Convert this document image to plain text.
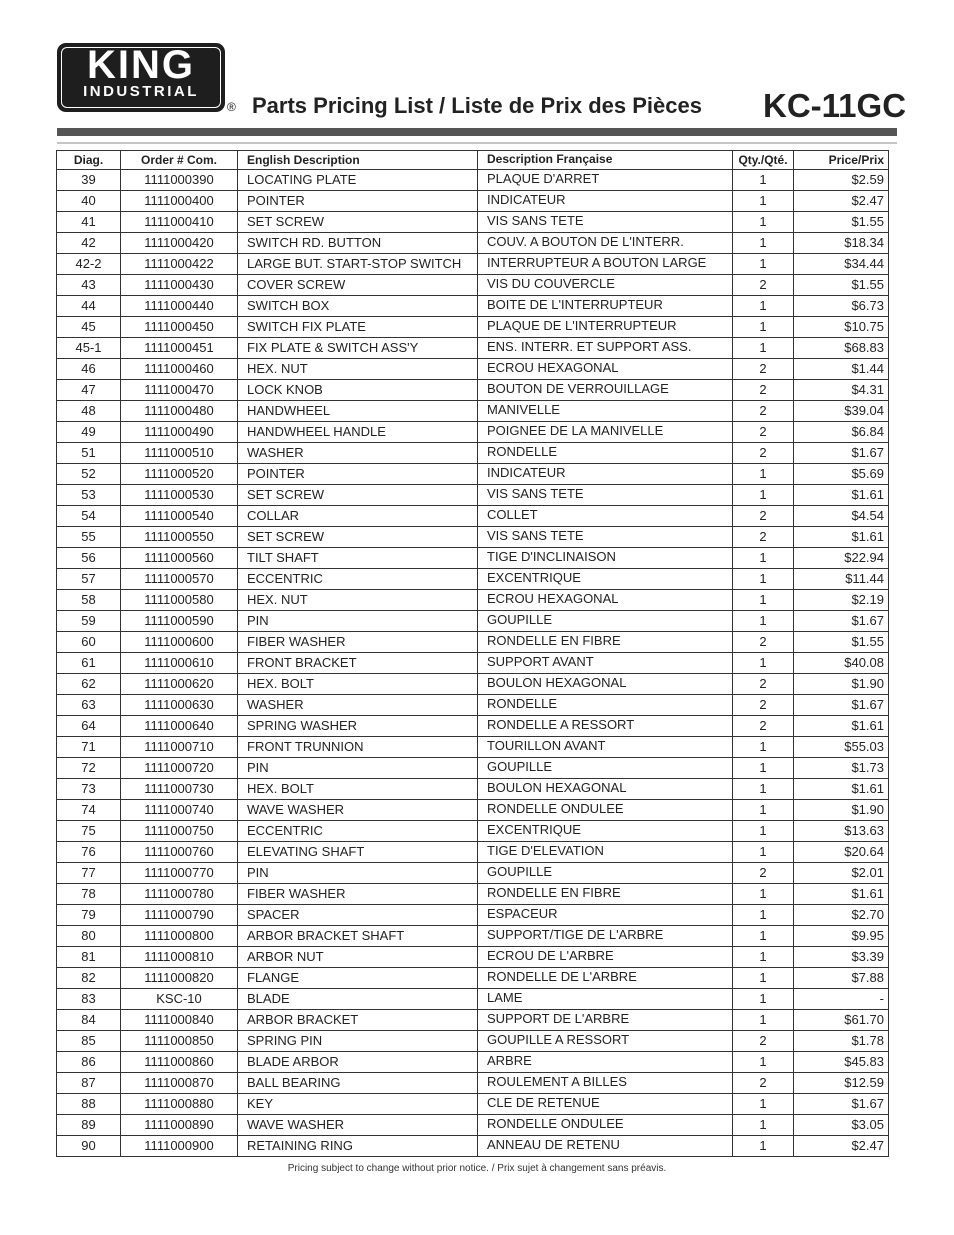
KING
INDUSTRIAL
® Parts Pricing List / Liste de Prix des Pièces KC-11GC
Diag.	Order # Com.	English Description	Description Française	Qty./Qté.	Price/Prix
39	1111000390	LOCATING PLATE	PLAQUE D'ARRET	1	$2.59
40	1111000400	POINTER	INDICATEUR	1	$2.47
41	1111000410	SET SCREW	VIS SANS TETE	1	$1.55
42	1111000420	SWITCH RD. BUTTON	COUV. A BOUTON DE L'INTERR.	1	$18.34
42-2	1111000422	LARGE BUT. START-STOP SWITCH	INTERRUPTEUR A BOUTON LARGE	1	$34.44
43	1111000430	COVER SCREW	VIS DU COUVERCLE	2	$1.55
44	1111000440	SWITCH BOX	BOITE DE L'INTERRUPTEUR	1	$6.73
45	1111000450	SWITCH FIX PLATE	PLAQUE DE L'INTERRUPTEUR	1	$10.75
45-1	1111000451	FIX PLATE & SWITCH ASS'Y	ENS. INTERR. ET SUPPORT ASS.	1	$68.83
46	1111000460	HEX. NUT	ECROU HEXAGONAL	2	$1.44
47	1111000470	LOCK KNOB	BOUTON DE VERROUILLAGE	2	$4.31
48	1111000480	HANDWHEEL	MANIVELLE	2	$39.04
49	1111000490	HANDWHEEL HANDLE	POIGNEE DE LA MANIVELLE	2	$6.84
51	1111000510	WASHER	RONDELLE	2	$1.67
52	1111000520	POINTER	INDICATEUR	1	$5.69
53	1111000530	SET SCREW	VIS SANS TETE	1	$1.61
54	1111000540	COLLAR	COLLET	2	$4.54
55	1111000550	SET SCREW	VIS SANS TETE	2	$1.61
56	1111000560	TILT SHAFT	TIGE D'INCLINAISON	1	$22.94
57	1111000570	ECCENTRIC	EXCENTRIQUE	1	$11.44
58	1111000580	HEX. NUT	ECROU HEXAGONAL	1	$2.19
59	1111000590	PIN	GOUPILLE	1	$1.67
60	1111000600	FIBER WASHER	RONDELLE EN FIBRE	2	$1.55
61	1111000610	FRONT BRACKET	SUPPORT AVANT	1	$40.08
62	1111000620	HEX. BOLT	BOULON HEXAGONAL	2	$1.90
63	1111000630	WASHER	RONDELLE	2	$1.67
64	1111000640	SPRING WASHER	RONDELLE A RESSORT	2	$1.61
71	1111000710	FRONT TRUNNION	TOURILLON AVANT	1	$55.03
72	1111000720	PIN	GOUPILLE	1	$1.73
73	1111000730	HEX. BOLT	BOULON HEXAGONAL	1	$1.61
74	1111000740	WAVE WASHER	RONDELLE ONDULEE	1	$1.90
75	1111000750	ECCENTRIC	EXCENTRIQUE	1	$13.63
76	1111000760	ELEVATING SHAFT	TIGE D'ELEVATION	1	$20.64
77	1111000770	PIN	GOUPILLE	2	$2.01
78	1111000780	FIBER WASHER	RONDELLE EN FIBRE	1	$1.61
79	1111000790	SPACER	ESPACEUR	1	$2.70
80	1111000800	ARBOR BRACKET SHAFT	SUPPORT/TIGE DE L'ARBRE	1	$9.95
81	1111000810	ARBOR NUT	ECROU DE L'ARBRE	1	$3.39
82	1111000820	FLANGE	RONDELLE DE L'ARBRE	1	$7.88
83	KSC-10	BLADE	LAME	1	-
84	1111000840	ARBOR BRACKET	SUPPORT DE L'ARBRE	1	$61.70
85	1111000850	SPRING PIN	GOUPILLE A RESSORT	2	$1.78
86	1111000860	BLADE ARBOR	ARBRE	1	$45.83
87	1111000870	BALL BEARING	ROULEMENT A BILLES	2	$12.59
88	1111000880	KEY	CLE DE RETENUE	1	$1.67
89	1111000890	WAVE WASHER	RONDELLE ONDULEE	1	$3.05
90	1111000900	RETAINING RING	ANNEAU DE RETENU	1	$2.47
Pricing subject to change without prior notice. / Prix sujet à changement sans préavis.
